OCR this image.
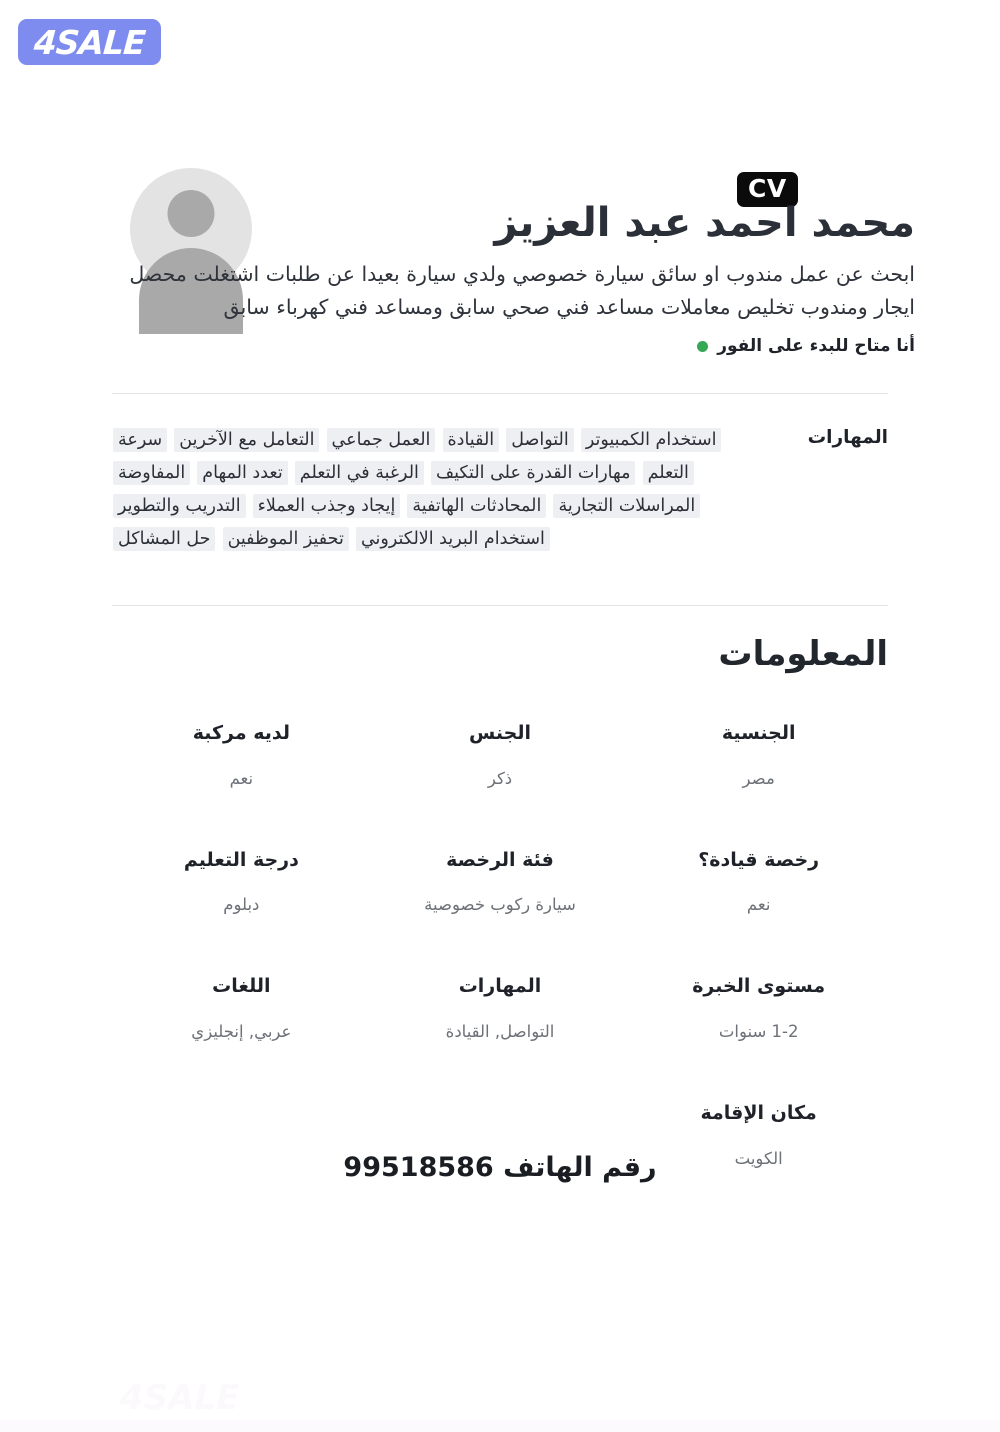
4SALE
CV
محمد احمد عبد العزيز
ابحث عن عمل مندوب او سائق سيارة خصوصي ولدي سيارة بعيدا عن طلبات اشتغلت محصل ايجار ومندوب تخليص معاملات مساعد فني صحي سابق ومساعد فني كهرباء سابق
أنا متاح للبدء على الفور
المهارات
استخدام الكمبيوتر التواصل القيادة العمل جماعي التعامل مع الآخرين سرعة التعلم مهارات القدرة على التكيف الرغبة في التعلم تعدد المهام المفاوضة المراسلات التجارية المحادثات الهاتفية إيجاد وجذب العملاء التدريب والتطوير استخدام البريد الالكتروني تحفيز الموظفين حل المشاكل
المعلومات
الجنسية
مصر
الجنس
ذكر
لديه مركبة
نعم
رخصة قيادة؟
نعم
فئة الرخصة
سيارة ركوب خصوصية
درجة التعليم
دبلوم
مستوى الخبرة
1-2 سنوات
المهارات
التواصل, القيادة
اللغات
عربي, إنجليزي
مكان الإقامة
الكويت
رقم الهاتف 99518586
4SALE
